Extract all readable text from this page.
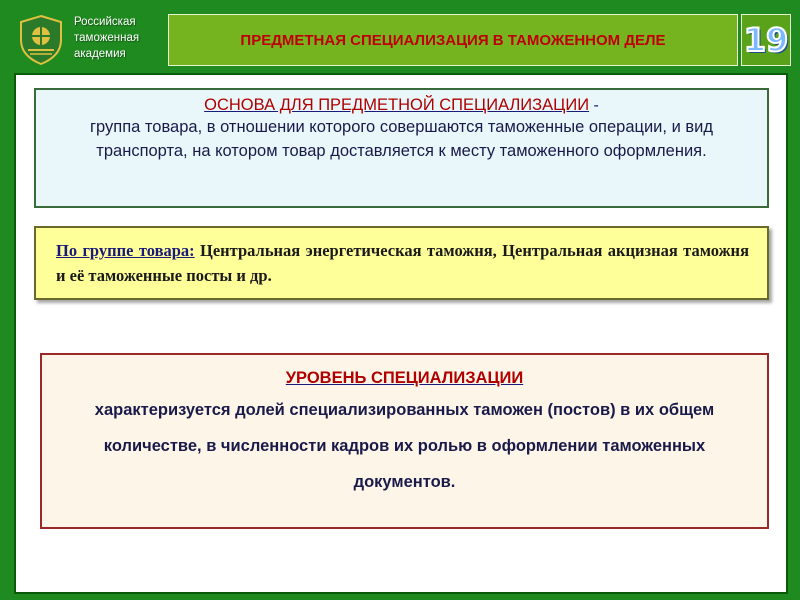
Российская
таможенная
академия
ПРЕДМЕТНАЯ СПЕЦИАЛИЗАЦИЯ В ТАМОЖЕННОМ ДЕЛЕ 19
ОСНОВА ДЛЯ ПРЕДМЕТНОЙ СПЕЦИАЛИЗАЦИИ -
группа товара, в отношении которого совершаются таможенные операции, и вид транспорта, на котором товар доставляется к месту таможенного оформления.
По группе товара: Центральная энергетическая таможня, Центральная акцизная таможня и её таможенные посты и др.
УРОВЕНЬ СПЕЦИАЛИЗАЦИИ
характеризуется долей специализированных таможен (постов) в их общем количестве, в численности кадров их ролью в оформлении таможенных документов.
